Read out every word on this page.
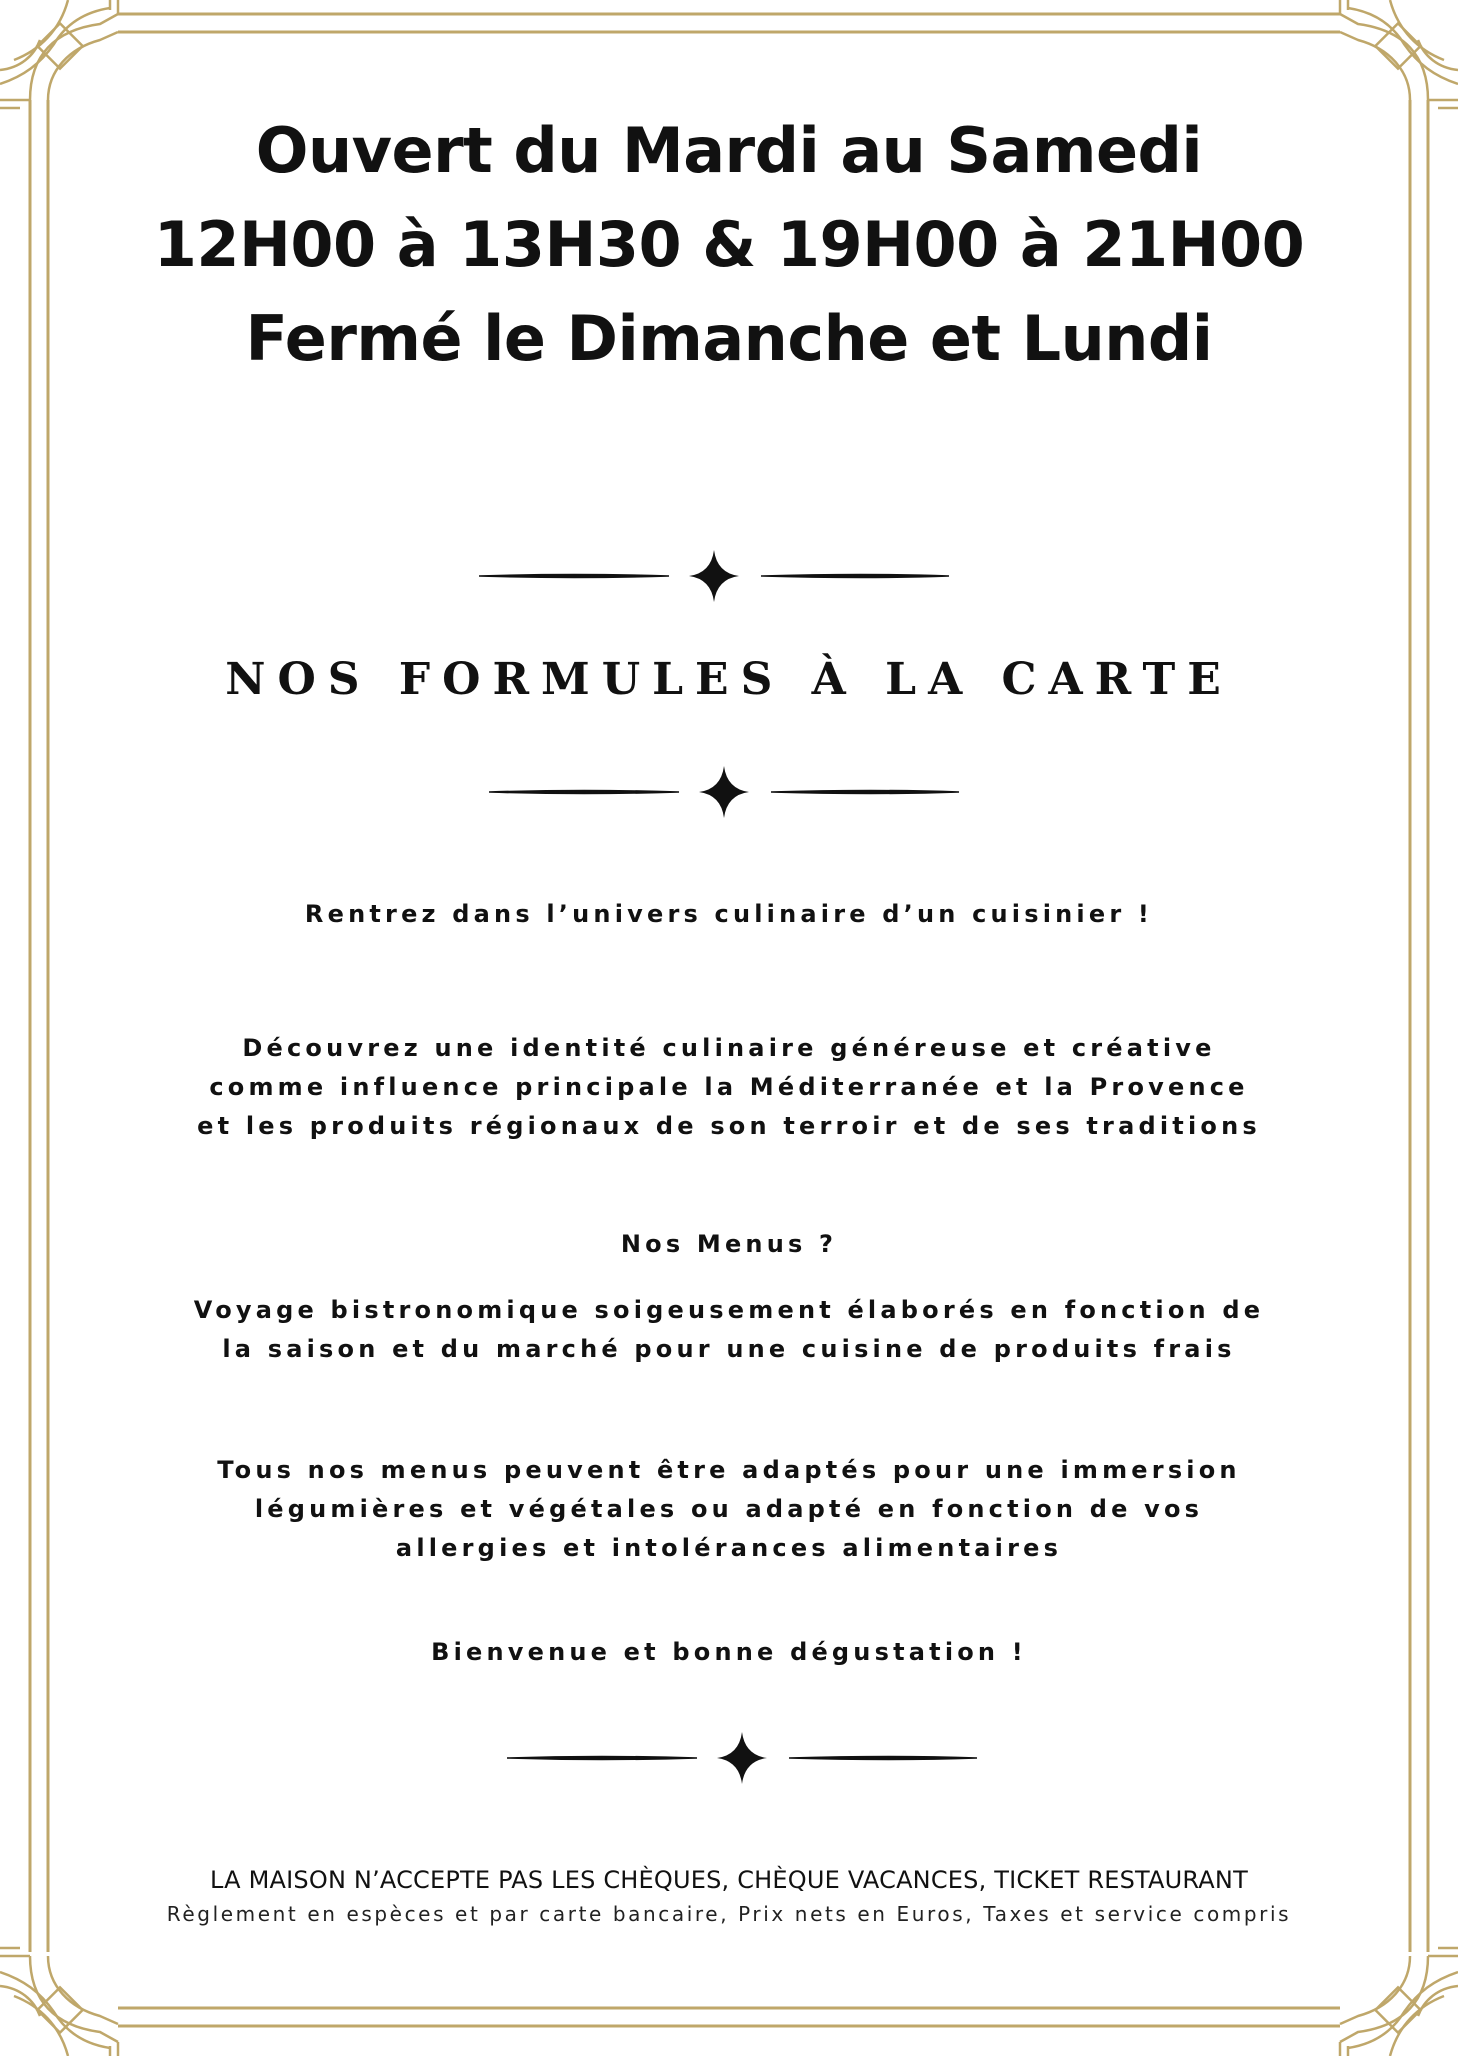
Ouvert du Mardi au Samedi
12H00 à 13H30 & 19H00 à 21H00
Fermé le Dimanche et Lundi
NOS FORMULES À LA CARTE
Rentrez dans l’univers culinaire d’un cuisinier !
Découvrez une identité culinaire généreuse et créative
comme influence principale la Méditerranée et la Provence
et les produits régionaux de son terroir et de ses traditions
Nos Menus ?
Voyage bistronomique soigeusement élaborés en fonction de
la saison et du marché pour une cuisine de produits frais
Tous nos menus peuvent être adaptés pour une immersion
légumières et végétales ou adapté en fonction de vos
allergies et intolérances alimentaires
Bienvenue et bonne dégustation !
LA MAISON N’ACCEPTE PAS LES CHÈQUES, CHÈQUE VACANCES, TICKET RESTAURANT
Règlement en espèces et par carte bancaire, Prix nets en Euros, Taxes et service compris
